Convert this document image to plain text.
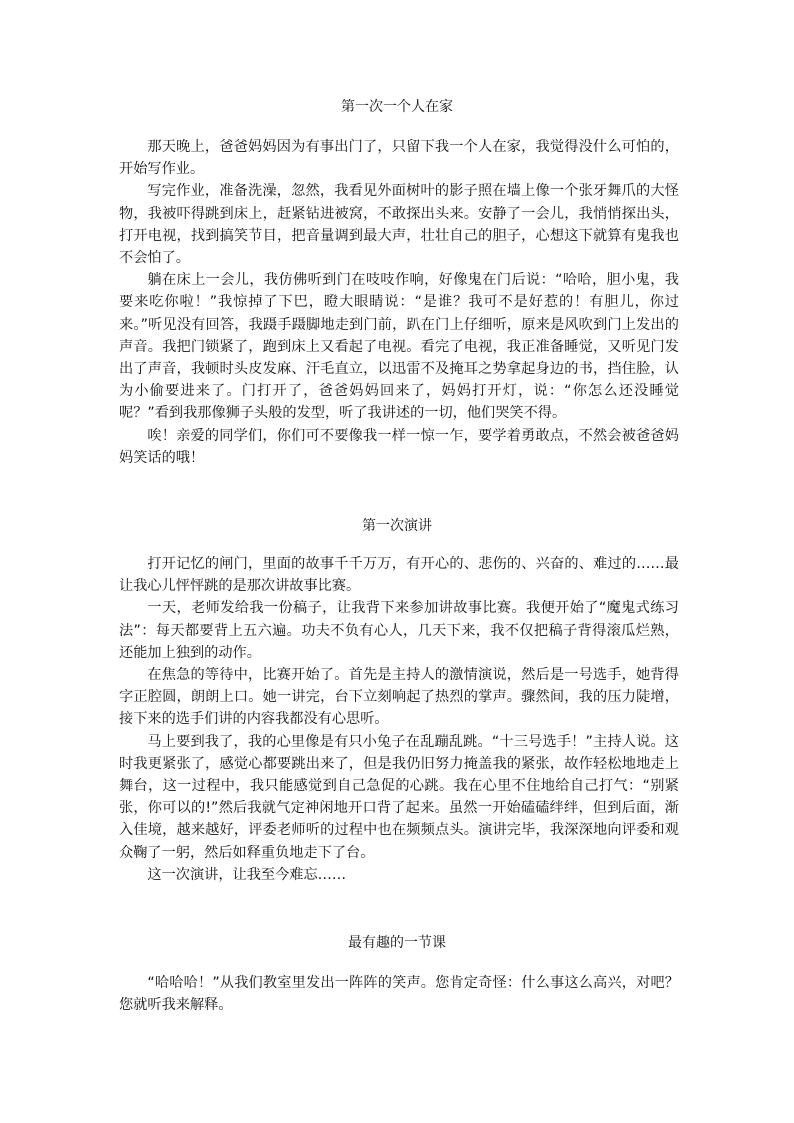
第一次一个人在家

那天晚上，爸爸妈妈因为有事出门了，只留下我一个人在家，我觉得没什么可怕的，开始写作业。

写完作业，准备洗澡，忽然，我看见外面树叶的影子照在墙上像一个张牙舞爪的大怪物，我被吓得跳到床上，赶紧钻进被窝，不敢探出头来。安静了一会儿，我悄悄探出头，打开电视，找到搞笑节目，把音量调到最大声，壮壮自己的胆子，心想这下就算有鬼我也不会怕了。

躺在床上一会儿，我仿佛听到门在吱吱作响，好像鬼在门后说：“哈哈，胆小鬼，我要来吃你啦！”我惊掉了下巴，瞪大眼睛说：“是谁？我可不是好惹的！有胆儿，你过来。”听见没有回答，我蹑手蹑脚地走到门前，趴在门上仔细听，原来是风吹到门上发出的声音。我把门锁紧了，跑到床上又看起了电视。看完了电视，我正准备睡觉，又听见门发出了声音，我顿时头皮发麻、汗毛直立，以迅雷不及掩耳之势拿起身边的书，挡住脸，认为小偷要进来了。门打开了，爸爸妈妈回来了，妈妈打开灯，说：“你怎么还没睡觉呢？”看到我那像狮子头般的发型，听了我讲述的一切，他们哭笑不得。

唉！亲爱的同学们，你们可不要像我一样一惊一乍，要学着勇敢点，不然会被爸爸妈妈笑话的哦！

第一次演讲

打开记忆的闸门，里面的故事千千万万，有开心的、悲伤的、兴奋的、难过的……最让我心儿怦怦跳的是那次讲故事比赛。

一天，老师发给我一份稿子，让我背下来参加讲故事比赛。我便开始了“魔鬼式练习法”：每天都要背上五六遍。功夫不负有心人，几天下来，我不仅把稿子背得滚瓜烂熟，还能加上独到的动作。

在焦急的等待中，比赛开始了。首先是主持人的激情演说，然后是一号选手，她背得字正腔圆，朗朗上口。她一讲完，台下立刻响起了热烈的掌声。骤然间，我的压力陡增，接下来的选手们讲的内容我都没有心思听。

马上要到我了，我的心里像是有只小兔子在乱蹦乱跳。“十三号选手！”主持人说。这时我更紧张了，感觉心都要跳出来了，但是我仍旧努力掩盖我的紧张，故作轻松地地走上舞台，这一过程中，我只能感觉到自己急促的心跳。我在心里不住地给自己打气：“别紧张，你可以的!”然后我就气定神闲地开口背了起来。虽然一开始磕磕绊绊，但到后面，渐入佳境，越来越好，评委老师听的过程中也在频频点头。演讲完毕，我深深地向评委和观众鞠了一躬，然后如释重负地走下了台。

这一次演讲，让我至今难忘……

最有趣的一节课

“哈哈哈！”从我们教室里发出一阵阵的笑声。您肯定奇怪：什么事这么高兴，对吧？您就听我来解释。
